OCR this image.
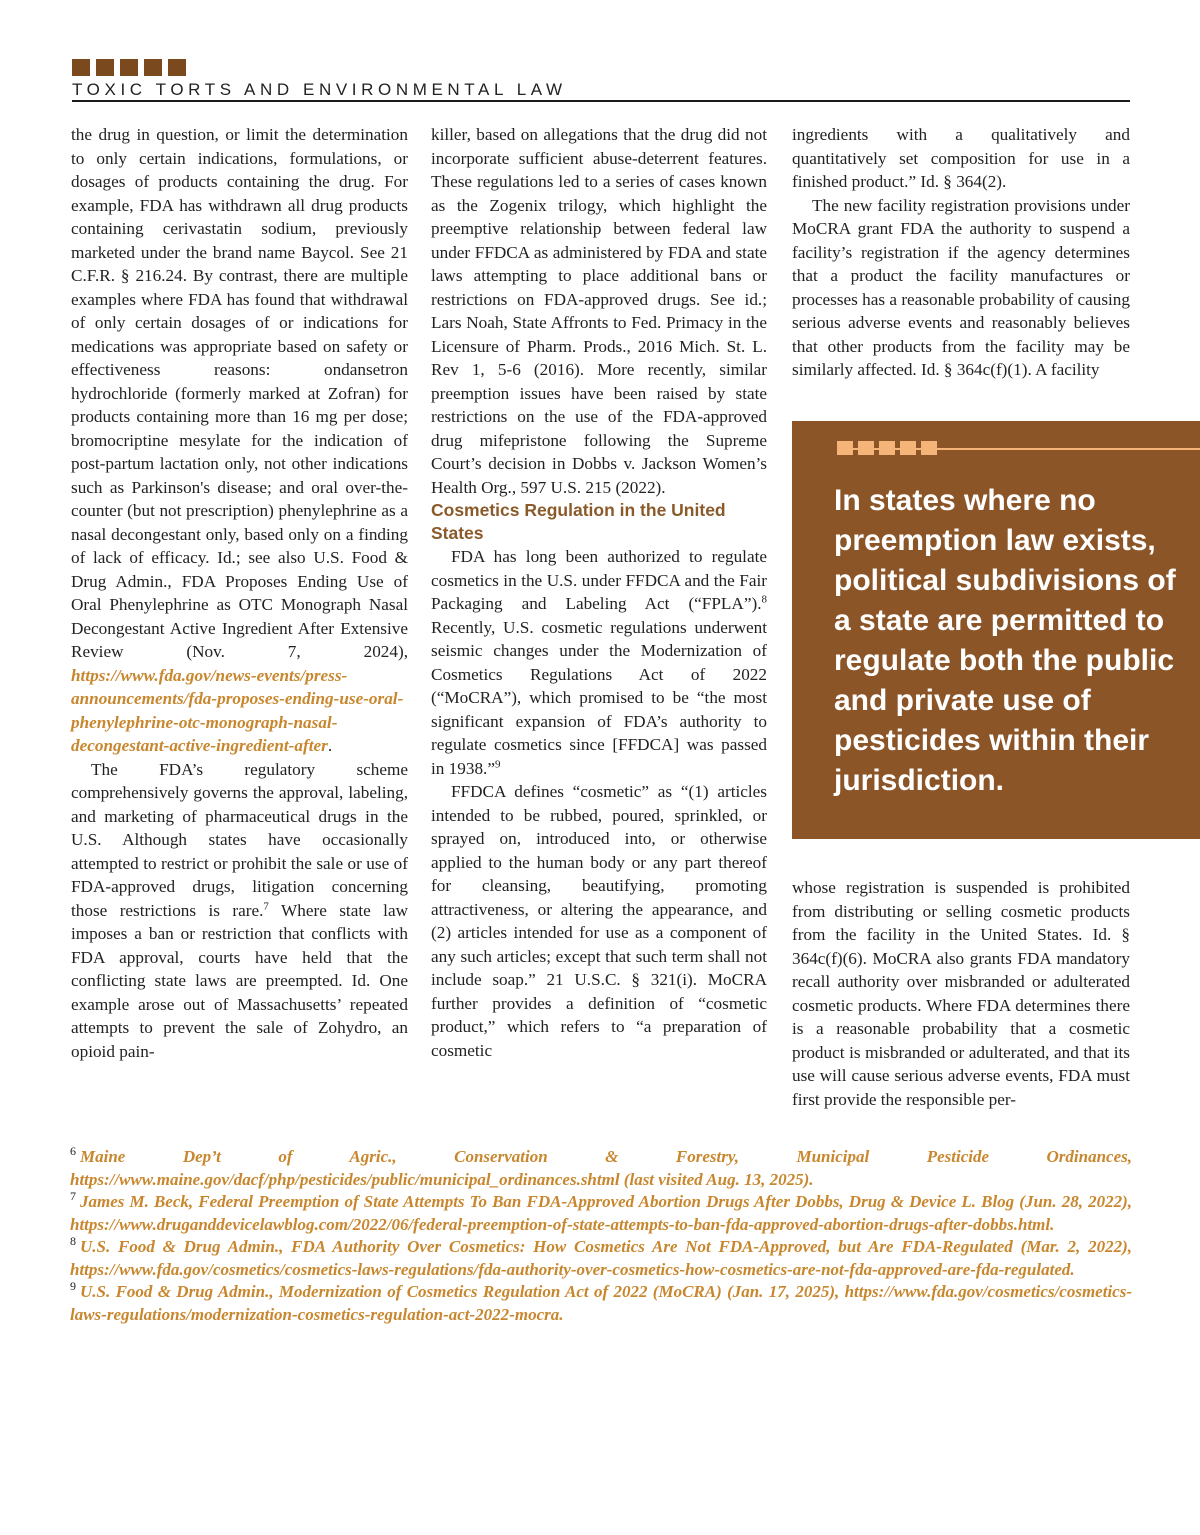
TOXIC TORTS AND ENVIRONMENTAL LAW

the drug in question, or limit the determination to only certain indications, formulations, or dosages of products containing the drug. For example, FDA has withdrawn all drug products containing cerivastatin sodium, previously marketed under the brand name Baycol. See 21 C.F.R. § 216.24. By contrast, there are multiple examples where FDA has found that withdrawal of only certain dosages of or indications for medications was appropriate based on safety or effectiveness reasons: ondansetron hydrochloride (formerly marked at Zofran) for products containing more than 16 mg per dose; bromocriptine mesylate for the indication of post-partum lactation only, not other indications such as Parkinson's disease; and oral over-the-counter (but not prescription) phenylephrine as a nasal decongestant only, based only on a finding of lack of efficacy. Id.; see also U.S. Food & Drug Admin., FDA Proposes Ending Use of Oral Phenylephrine as OTC Monograph Nasal Decongestant Active Ingredient After Extensive Review (Nov. 7, 2024), https://www.fda.gov/news-events/press-announcements/fda-proposes-ending-use-oral-phenylephrine-otc-monograph-nasal-decongestant-active-ingredient-after.

The FDA’s regulatory scheme comprehensively governs the approval, labeling, and marketing of pharmaceutical drugs in the U.S. Although states have occasionally attempted to restrict or prohibit the sale or use of FDA-approved drugs, litigation concerning those restrictions is rare.$^7$ Where state law imposes a ban or restriction that conflicts with FDA approval, courts have held that the conflicting state laws are preempted. Id. One example arose out of Massachusetts’ repeated attempts to prevent the sale of Zohydro, an opioid pain-

killer, based on allegations that the drug did not incorporate sufficient abuse-deterrent features. These regulations led to a series of cases known as the Zogenix trilogy, which highlight the preemptive relationship between federal law under FFDCA as administered by FDA and state laws attempting to place additional bans or restrictions on FDA-approved drugs. See id.; Lars Noah, State Affronts to Fed. Primacy in the Licensure of Pharm. Prods., 2016 Mich. St. L. Rev 1, 5-6 (2016). More recently, similar preemption issues have been raised by state restrictions on the use of the FDA-approved drug mifepristone following the Supreme Court’s decision in Dobbs v. Jackson Women’s Health Org., 597 U.S. 215 (2022).

Cosmetics Regulation in the United States

FDA has long been authorized to regulate cosmetics in the U.S. under FFDCA and the Fair Packaging and Labeling Act (“FPLA”).$^8$ Recently, U.S. cosmetic regulations underwent seismic changes under the Modernization of Cosmetics Regulations Act of 2022 (“MoCRA”), which promised to be “the most significant expansion of FDA’s authority to regulate cosmetics since [FFDCA] was passed in 1938.”$^9$

FFDCA defines “cosmetic” as “(1) articles intended to be rubbed, poured, sprinkled, or sprayed on, introduced into, or otherwise applied to the human body or any part thereof for cleansing, beautifying, promoting attractiveness, or altering the appearance, and (2) articles intended for use as a component of any such articles; except that such term shall not include soap.” 21 U.S.C. § 321(i). MoCRA further provides a definition of “cosmetic product,” which refers to “a preparation of cosmetic

ingredients with a qualitatively and quantitatively set composition for use in a finished product.” Id. § 364(2).

The new facility registration provisions under MoCRA grant FDA the authority to suspend a facility’s registration if the agency determines that a product the facility manufactures or processes has a reasonable probability of causing serious adverse events and reasonably believes that other products from the facility may be similarly affected. Id. § 364c(f)(1). A facility

In states where no preemption law exists, political subdivisions of a state are permitted to regulate both the public and private use of pesticides within their jurisdiction.

whose registration is suspended is prohibited from distributing or selling cosmetic products from the facility in the United States. Id. § 364c(f)(6). MoCRA also grants FDA mandatory recall authority over misbranded or adulterated cosmetic products. Where FDA determines there is a reasonable probability that a cosmetic product is misbranded or adulterated, and that its use will cause serious adverse events, FDA must first provide the responsible per-

$^6$ Maine Dep’t of Agric., Conservation & Forestry, Municipal Pesticide Ordinances, https://www.maine.gov/dacf/php/pesticides/public/municipal_ordinances.shtml (last visited Aug. 13, 2025).

$^7$ James M. Beck, Federal Preemption of State Attempts To Ban FDA-Approved Abortion Drugs After Dobbs, Drug & Device L. Blog (Jun. 28, 2022), https://www.druganddevicelawblog.com/2022/06/federal-preemption-of-state-attempts-to-ban-fda-approved-abortion-drugs-after-dobbs.html.

$^8$ U.S. Food & Drug Admin., FDA Authority Over Cosmetics: How Cosmetics Are Not FDA-Approved, but Are FDA-Regulated (Mar. 2, 2022), https://www.fda.gov/cosmetics/cosmetics-laws-regulations/fda-authority-over-cosmetics-how-cosmetics-are-not-fda-approved-are-fda-regulated.

$^9$ U.S. Food & Drug Admin., Modernization of Cosmetics Regulation Act of 2022 (MoCRA) (Jan. 17, 2025), https://www.fda.gov/cosmetics/cosmetics-laws-regulations/modernization-cosmetics-regulation-act-2022-mocra.
